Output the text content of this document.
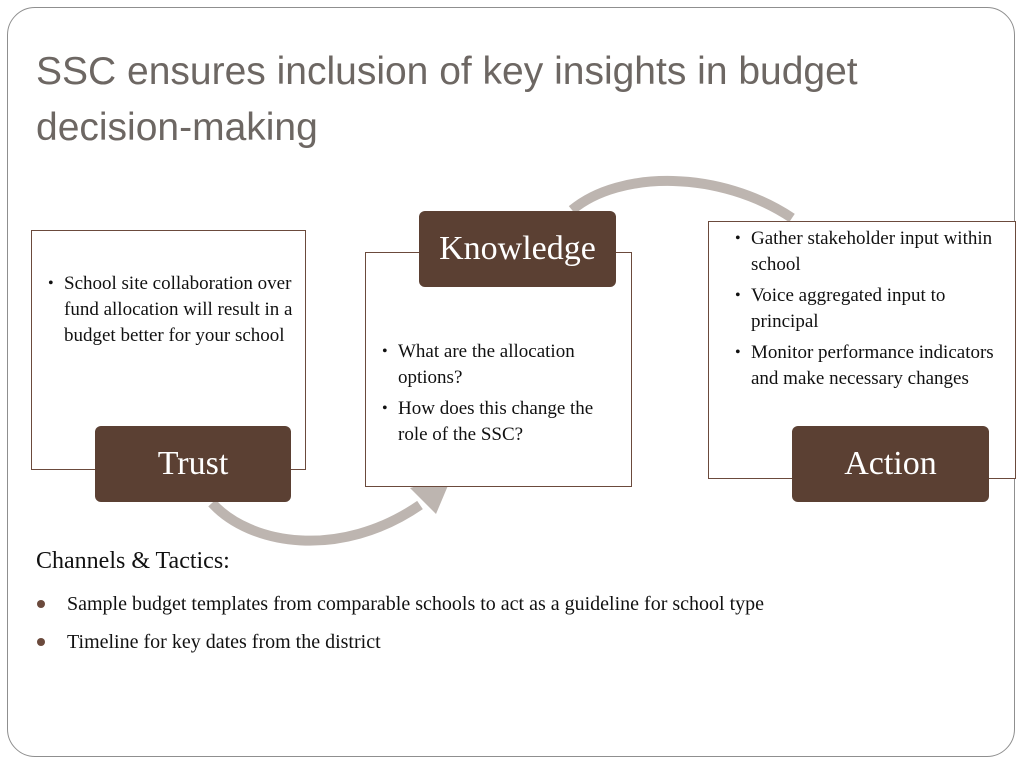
SSC ensures inclusion of key insights in budget decision-making
• School site collaboration over fund allocation will result in a budget better for your school
Trust
• What are the allocation options?
• How does this change the role of the SSC?
Knowledge
•	Gather stakeholder input within school
• Voice aggregated input to principal
• Monitor performance indicators and make necessary changes
Action
Channels & Tactics:
Sample budget templates from comparable schools to act as a guideline for school type
Timeline for key dates from the district
